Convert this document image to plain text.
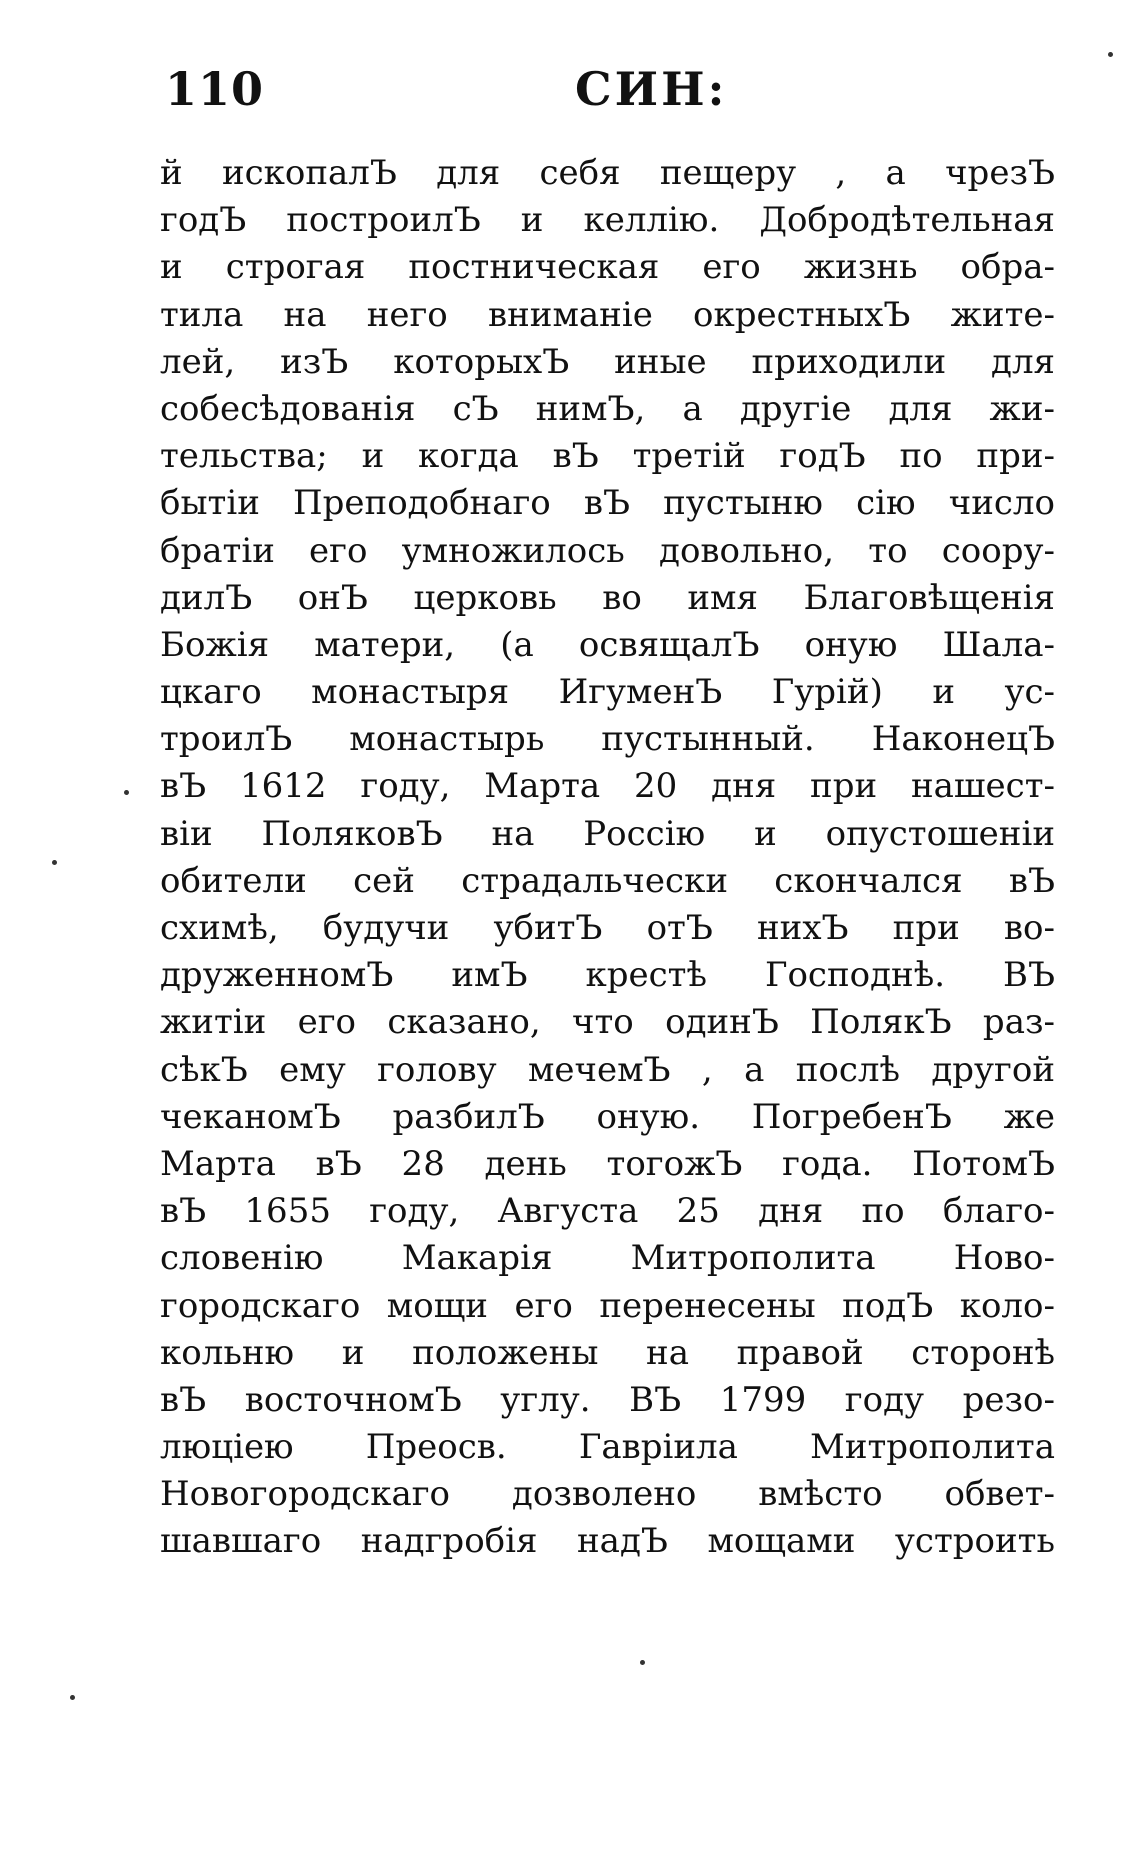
110	СИН:
й ископалЪ для себя пещеру , а чрезЪ
годЪ построилЪ и келлію. Добродѣтельная
и строгая постническая его жизнь обра-
тила на него вниманіе окрестныхЪ жите-
лей, изЪ которыхЪ иные приходили для
собесѣдованія сЪ нимЪ, а другіе для жи-
тельства; и когда вЪ третій годЪ по при-
бытіи Преподобнаго вЪ пустыню сію число
братіи его умножилось довольно, то соору-
дилЪ онЪ церковь во имя Благовѣщенія
Божія матери, (а освящалЪ оную Шала-
цкаго монастыря ИгуменЪ Гурій) и ус-
троилЪ монастырь пустынный. НаконецЪ
вЪ 1612 году, Марта 20 дня при нашест-
віи ПоляковЪ на Россію и опустошеніи
обители сей страдальчески скончался вЪ
схимѣ, будучи убитЪ отЪ нихЪ при во-
друженномЪ имЪ крестѣ Господнѣ. ВЪ
житіи его сказано, что одинЪ ПолякЪ раз-
сѣкЪ ему голову мечемЪ , а послѣ другой
чеканомЪ разбилЪ оную. ПогребенЪ же
Марта вЪ 28 день тогожЪ года. ПотомЪ
вЪ 1655 году, Августа 25 дня по благо-
словенію Макарія Митрополита Ново-
городскаго мощи его перенесены подЪ коло-
кольню и положены на правой сторонѣ
вЪ восточномЪ углу. ВЪ 1799 году резо-
люціею Преосв. Гавріила Митрополита
Новогородскаго дозволено вмѣсто обвет-
шавшаго надгробія надЪ мощами устроить
